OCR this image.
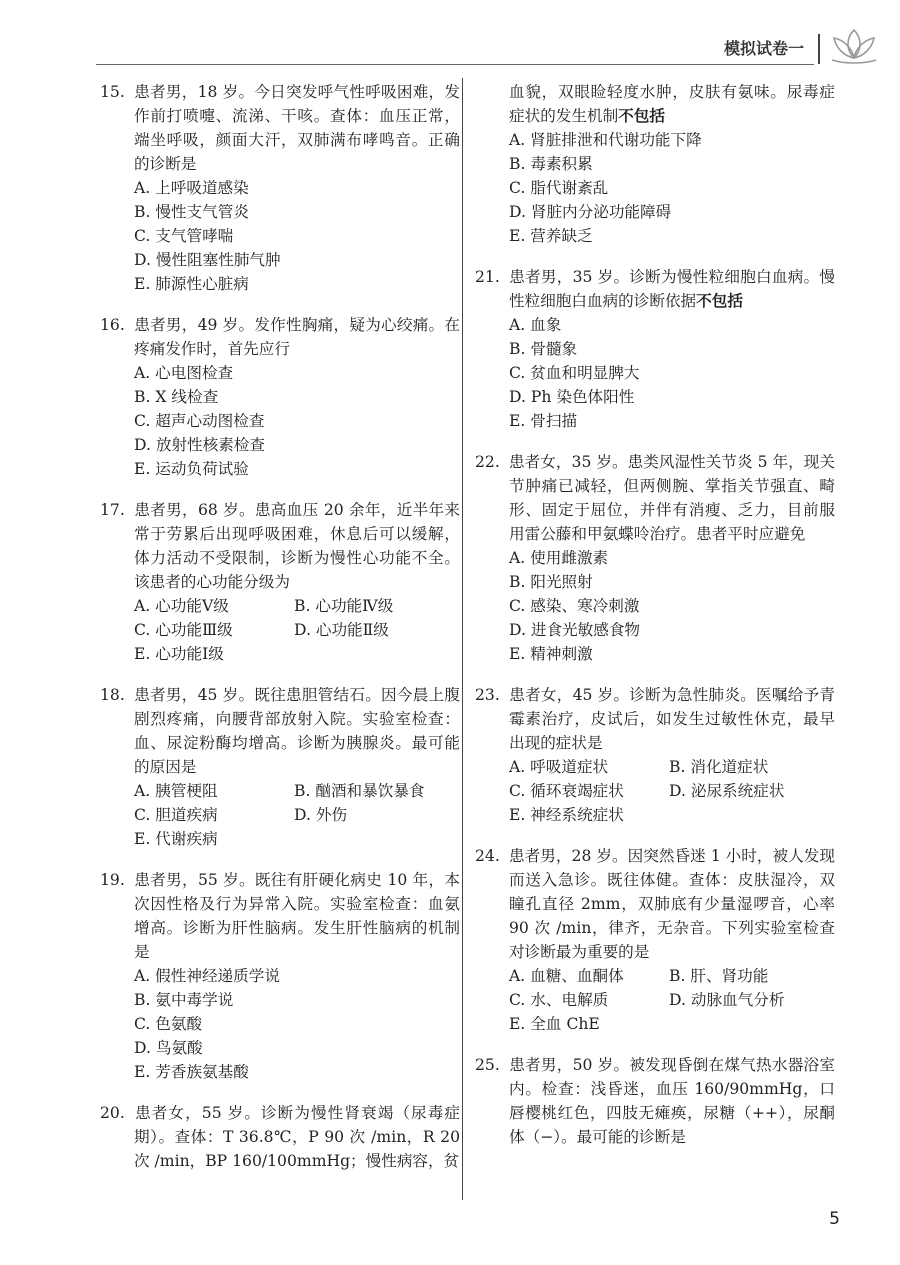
模拟试卷一
15. 患者男，18 岁。今日突发呼气性呼吸困难，发作前打喷嚏、流涕、干咳。查体：血压正常，端坐呼吸，颜面大汗，双肺满布哮鸣音。正确的诊断是
A. 上呼吸道感染
B. 慢性支气管炎
C. 支气管哮喘
D. 慢性阻塞性肺气肿
E. 肺源性心脏病
16. 患者男，49 岁。发作性胸痛，疑为心绞痛。在疼痛发作时，首先应行
A. 心电图检查
B. X 线检查
C. 超声心动图检查
D. 放射性核素检查
E. 运动负荷试验
17. 患者男，68 岁。患高血压 20 余年，近半年来常于劳累后出现呼吸困难，休息后可以缓解，体力活动不受限制，诊断为慢性心功能不全。该患者的心功能分级为
A. 心功能Ⅴ级	B. 心功能Ⅳ级
C. 心功能Ⅲ级	D. 心功能Ⅱ级
E. 心功能Ⅰ级
18. 患者男，45 岁。既往患胆管结石。因今晨上腹剧烈疼痛，向腰背部放射入院。实验室检查：血、尿淀粉酶均增高。诊断为胰腺炎。最可能的原因是
A. 胰管梗阻	B. 酗酒和暴饮暴食
C. 胆道疾病	D. 外伤
E. 代谢疾病
19. 患者男，55 岁。既往有肝硬化病史 10 年，本次因性格及行为异常入院。实验室检查：血氨增高。诊断为肝性脑病。发生肝性脑病的机制是
A. 假性神经递质学说
B. 氨中毒学说
C. 色氨酸
D. 鸟氨酸
E. 芳香族氨基酸
20. 患者女，55 岁。诊断为慢性肾衰竭（尿毒症期）。查体：T 36.8℃，P 90 次 /min，R 20 次 /min，BP 160/100mmHg；慢性病容，贫
血貌，双眼睑轻度水肿，皮肤有氨味。尿毒症症状的发生机制不包括
A. 肾脏排泄和代谢功能下降
B. 毒素积累
C. 脂代谢紊乱
D. 肾脏内分泌功能障碍
E. 营养缺乏
21. 患者男，35 岁。诊断为慢性粒细胞白血病。慢性粒细胞白血病的诊断依据不包括
A. 血象
B. 骨髓象
C. 贫血和明显脾大
D. Ph 染色体阳性
E. 骨扫描
22. 患者女，35 岁。患类风湿性关节炎 5 年，现关节肿痛已减轻，但两侧腕、掌指关节强直、畸形、固定于屈位，并伴有消瘦、乏力，目前服用雷公藤和甲氨蝶呤治疗。患者平时应避免
A. 使用雌激素
B. 阳光照射
C. 感染、寒冷刺激
D. 进食光敏感食物
E. 精神刺激
23. 患者女，45 岁。诊断为急性肺炎。医嘱给予青霉素治疗，皮试后，如发生过敏性休克，最早出现的症状是
A. 呼吸道症状	B. 消化道症状
C. 循环衰竭症状	D. 泌尿系统症状
E. 神经系统症状
24. 患者男，28 岁。因突然昏迷 1 小时，被人发现而送入急诊。既往体健。查体：皮肤湿冷，双瞳孔直径 2mm，双肺底有少量湿啰音，心率 90 次 /min，律齐，无杂音。下列实验室检查对诊断最为重要的是
A. 血糖、血酮体	B. 肝、肾功能
C. 水、电解质	D. 动脉血气分析
E. 全血 ChE
25. 患者男，50 岁。被发现昏倒在煤气热水器浴室内。检查：浅昏迷，血压 160/90mmHg，口唇樱桃红色，四肢无瘫痪，尿糖（++），尿酮体（−）。最可能的诊断是
5
